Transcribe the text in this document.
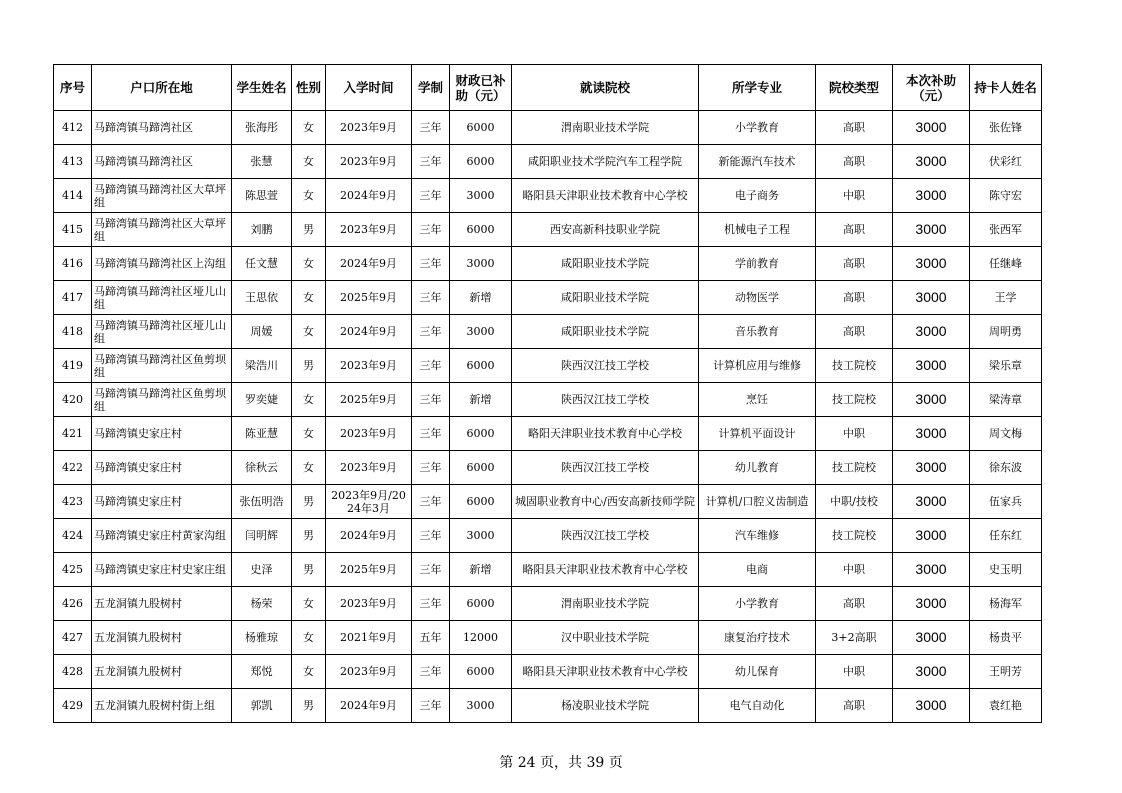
序号	户口所在地	学生姓名	性别	入学时间	学制	财政已补助（元）	就读院校	所学专业	院校类型	本次补助（元）	持卡人姓名
412	马蹄湾镇马蹄湾社区	张海彤	女	2023年9月	三年	6000	渭南职业技术学院	小学教育	高职	3000	张佐锋
413	马蹄湾镇马蹄湾社区	张慧	女	2023年9月	三年	6000	咸阳职业技术学院汽车工程学院	新能源汽车技术	高职	3000	伏彩红
414	马蹄湾镇马蹄湾社区大草坪组	陈思萱	女	2024年9月	三年	3000	略阳县天津职业技术教育中心学校	电子商务	中职	3000	陈守宏
415	马蹄湾镇马蹄湾社区大草坪组	刘鹏	男	2023年9月	三年	6000	西安高新科技职业学院	机械电子工程	高职	3000	张西军
416	马蹄湾镇马蹄湾社区上沟组	任文慧	女	2024年9月	三年	3000	咸阳职业技术学院	学前教育	高职	3000	任继峰
417	马蹄湾镇马蹄湾社区垭儿山组	王思依	女	2025年9月	三年	新增	咸阳职业技术学院	动物医学	高职	3000	王学
418	马蹄湾镇马蹄湾社区垭儿山组	周媛	女	2024年9月	三年	3000	咸阳职业技术学院	音乐教育	高职	3000	周明勇
419	马蹄湾镇马蹄湾社区鱼剪坝组	梁浩川	男	2023年9月	三年	6000	陕西汉江技工学校	计算机应用与维修	技工院校	3000	梁乐章
420	马蹄湾镇马蹄湾社区鱼剪坝组	罗奕婕	女	2025年9月	三年	新增	陕西汉江技工学校	烹饪	技工院校	3000	梁涛章
421	马蹄湾镇史家庄村	陈亚慧	女	2023年9月	三年	6000	略阳天津职业技术教育中心学校	计算机平面设计	中职	3000	周文梅
422	马蹄湾镇史家庄村	徐秋云	女	2023年9月	三年	6000	陕西汉江技工学校	幼儿教育	技工院校	3000	徐东波
423	马蹄湾镇史家庄村	张伍明浩	男	2023年9月/2024年3月	三年	6000	城固职业教育中心/西安高新技师学院	计算机/口腔义齿制造	中职/技校	3000	伍家兵
424	马蹄湾镇史家庄村黄家沟组	闫明辉	男	2024年9月	三年	3000	陕西汉江技工学校	汽车维修	技工院校	3000	任东红
425	马蹄湾镇史家庄村史家庄组	史泽	男	2025年9月	三年	新增	略阳县天津职业技术教育中心学校	电商	中职	3000	史玉明
426	五龙洞镇九股树村	杨荣	女	2023年9月	三年	6000	渭南职业技术学院	小学教育	高职	3000	杨海军
427	五龙洞镇九股树村	杨雅琼	女	2021年9月	五年	12000	汉中职业技术学院	康复治疗技术	3+2高职	3000	杨贵平
428	五龙洞镇九股树村	郑悦	女	2023年9月	三年	6000	略阳县天津职业技术教育中心学校	幼儿保育	中职	3000	王明芳
429	五龙洞镇九股树村街上组	郭凯	男	2024年9月	三年	3000	杨凌职业技术学院	电气自动化	高职	3000	袁红艳
第 24 页，共 39 页
